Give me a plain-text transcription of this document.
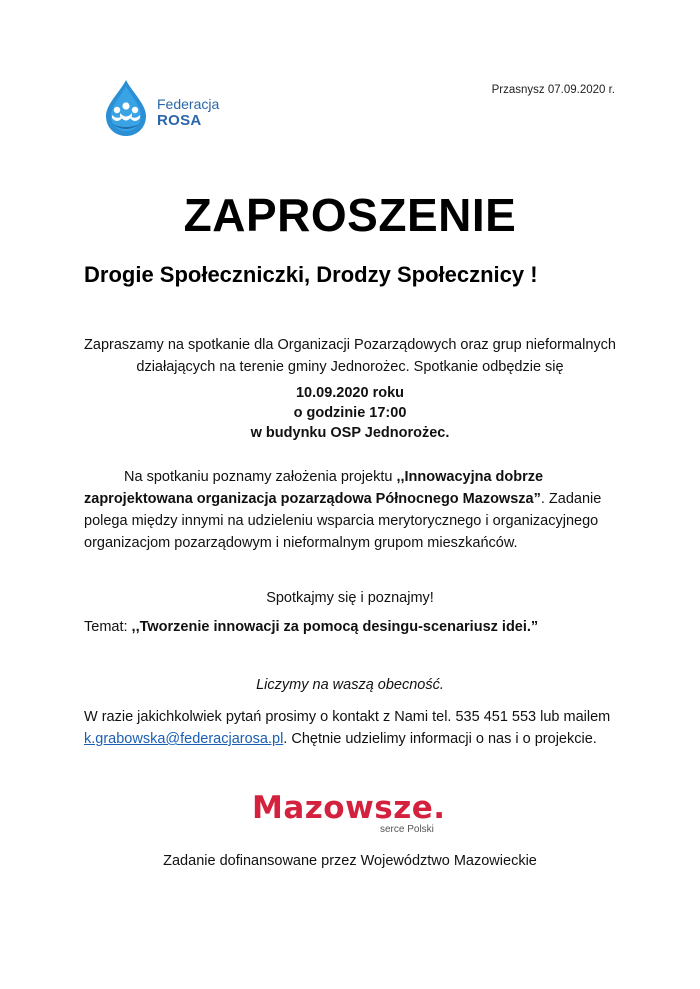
Federacja
ROSA
Przasnysz 07.09.2020 r.
ZAPROSZENIE
Drogie Społeczniczki, Drodzy Społecznicy !
Zapraszamy na spotkanie dla Organizacji Pozarządowych oraz grup nieformalnych działających na terenie gminy Jednorożec. Spotkanie odbędzie się
10.09.2020 roku
o godzinie 17:00
w budynku OSP Jednorożec.
Na spotkaniu poznamy założenia projektu ,,Innowacyjna dobrze zaprojektowana organizacja pozarządowa Północnego Mazowsza”. Zadanie polega między innymi na udzieleniu wsparcia merytorycznego i organizacyjnego organizacjom pozarządowym i nieformalnym grupom mieszkańców.
Spotkajmy się i poznajmy!
Temat: ,,Tworzenie innowacji za pomocą desingu-scenariusz idei.”
Liczymy na waszą obecność.
W razie jakichkolwiek pytań prosimy o kontakt z Nami tel. 535 451 553 lub mailem k.grabowska@federacjarosa.pl. Chętnie udzielimy informacji o nas i o projekcie.
Mazowsze.
serce Polski
Zadanie dofinansowane przez Województwo Mazowieckie
